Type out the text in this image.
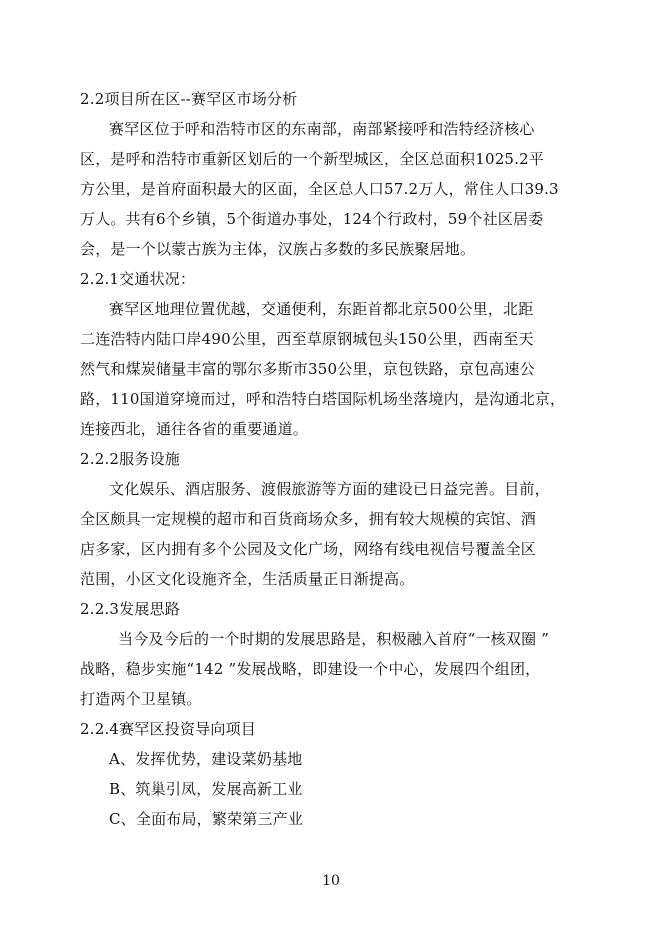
2.2项目所在区--赛罕区市场分析
赛罕区位于呼和浩特市区的东南部，南部紧接呼和浩特经济核心
区，是呼和浩特市重新区划后的一个新型城区，全区总面积1025.2平
方公里，是首府面积最大的区面，全区总人口57.2万人，常住人口39.3
万人。共有6个乡镇，5个街道办事处，124个行政村，59个社区居委
会，是一个以蒙古族为主体，汉族占多数的多民族聚居地。
2.2.1交通状况：
赛罕区地理位置优越，交通便利，东距首都北京500公里，北距
二连浩特内陆口岸490公里，西至草原钢城包头150公里，西南至天
然气和煤炭储量丰富的鄂尔多斯市350公里，京包铁路，京包高速公
路，110国道穿境而过，呼和浩特白塔国际机场坐落境内，是沟通北京，
连接西北，通往各省的重要通道。
2.2.2服务设施
文化娱乐、酒店服务、渡假旅游等方面的建设已日益完善。目前，
全区颇具一定规模的超市和百货商场众多，拥有较大规模的宾馆、酒
店多家，区内拥有多个公园及文化广场，网络有线电视信号覆盖全区
范围，小区文化设施齐全，生活质量正日渐提高。
2.2.3发展思路
当今及今后的一个时期的发展思路是，积极融入首府“一核双圈 ”
战略，稳步实施“142 ”发展战略，即建设一个中心，发展四个组团，
打造两个卫星镇。
2.2.4赛罕区投资导向项目
A、发挥优势，建设菜奶基地
B、筑巢引凤，发展高新工业
C、全面布局，繁荣第三产业
10
